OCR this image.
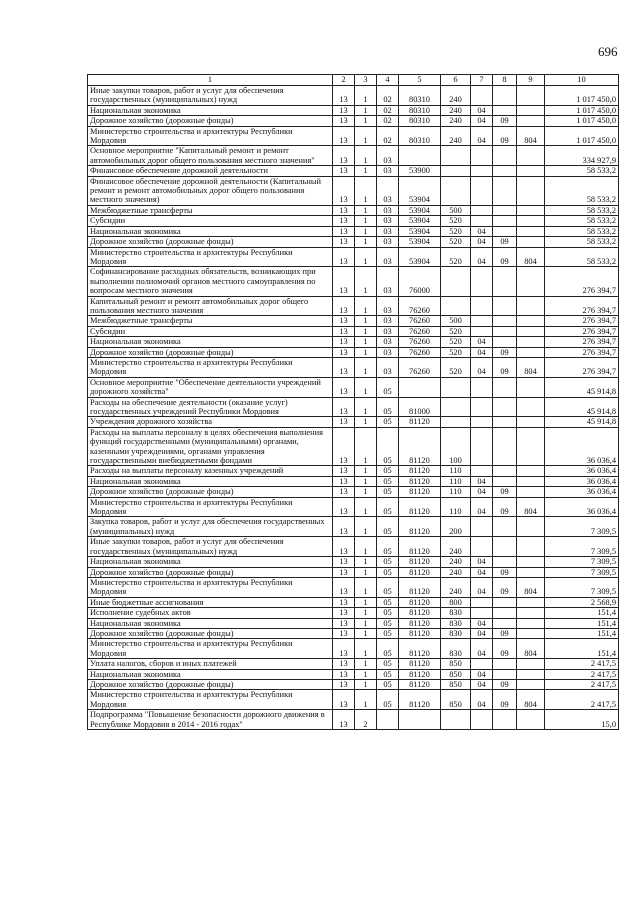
696
1	2	3	4	5	6	7	8	9	10
Иные закупки товаров, работ и услуг для обеспечения государственных (муниципальных) нужд	13	1	02	80310	240				1 017 450,0
Национальная экономика	13	1	02	80310	240	04			1 017 450,0
Дорожное хозяйство (дорожные фонды)	13	1	02	80310	240	04	09		1 017 450,0
Министерство строительства и архитектуры Республики Мордовия	13	1	02	80310	240	04	09	804	1 017 450,0
Основное мероприятие "Капитальный ремонт и ремонт автомобильных дорог общего пользования местного значения"	13	1	03						334 927,9
Финансовое обеспечение дорожной деятельности	13	1	03	53900					58 533,2
Финансовое обеспечение дорожной деятельности (Капитальный ремонт и ремонт автомобильных дорог общего пользования местного значения)	13	1	03	53904					58 533,2
Межбюджетные трансферты	13	1	03	53904	500				58 533,2
Субсидии	13	1	03	53904	520				58 533,2
Национальная экономика	13	1	03	53904	520	04			58 533,2
Дорожное хозяйство (дорожные фонды)	13	1	03	53904	520	04	09		58 533,2
Министерство строительства и архитектуры Республики Мордовия	13	1	03	53904	520	04	09	804	58 533,2
Софинансирование расходных обязательств, возникающих при выполнении полномочий органов местного самоуправления по вопросам местного значения	13	1	03	76000					276 394,7
Капитальный ремонт и ремонт автомобильных дорог общего пользования местного значения	13	1	03	76260					276 394,7
Межбюджетные трансферты	13	1	03	76260	500				276 394,7
Субсидии	13	1	03	76260	520				276 394,7
Национальная экономика	13	1	03	76260	520	04			276 394,7
Дорожное хозяйство (дорожные фонды)	13	1	03	76260	520	04	09		276 394,7
Министерство строительства и архитектуры Республики Мордовия	13	1	03	76260	520	04	09	804	276 394,7
Основное мероприятие "Обеспечение деятельности учреждений дорожного хозяйства"	13	1	05						45 914,8
Расходы на обеспечение деятельности (оказание услуг) государственных учреждений Республики Мордовия	13	1	05	81000					45 914,8
Учреждения дорожного хозяйства	13	1	05	81120					45 914,8
Расходы на выплаты персоналу в целях обеспечения выполнения функций государственными (муниципальными) органами, казенными учреждениями, органами управления государственными внебюджетными фондами	13	1	05	81120	100				36 036,4
Расходы на выплаты персоналу казенных учреждений	13	1	05	81120	110				36 036,4
Национальная экономика	13	1	05	81120	110	04			36 036,4
Дорожное хозяйство (дорожные фонды)	13	1	05	81120	110	04	09		36 036,4
Министерство строительства и архитектуры Республики Мордовия	13	1	05	81120	110	04	09	804	36 036,4
Закупка товаров, работ и услуг для обеспечения государственных (муниципальных) нужд	13	1	05	81120	200				7 309,5
Иные закупки товаров, работ и услуг для обеспечения государственных (муниципальных) нужд	13	1	05	81120	240				7 309,5
Национальная экономика	13	1	05	81120	240	04			7 309,5
Дорожное хозяйство (дорожные фонды)	13	1	05	81120	240	04	09		7 309,5
Министерство строительства и архитектуры Республики Мордовия	13	1	05	81120	240	04	09	804	7 309,5
Иные бюджетные ассигнования	13	1	05	81120	800				2 568,9
Исполнение судебных актов	13	1	05	81120	830				151,4
Национальная экономика	13	1	05	81120	830	04			151,4
Дорожное хозяйство (дорожные фонды)	13	1	05	81120	830	04	09		151,4
Министерство строительства и архитектуры Республики Мордовия	13	1	05	81120	830	04	09	804	151,4
Уплата налогов, сборов и иных платежей	13	1	05	81120	850				2 417,5
Национальная экономика	13	1	05	81120	850	04			2 417,5
Дорожное хозяйство (дорожные фонды)	13	1	05	81120	850	04	09		2 417,5
Министерство строительства и архитектуры Республики Мордовия	13	1	05	81120	850	04	09	804	2 417,5
Подпрограмма "Повышение безопасности дорожного движения в Республике Мордовия в 2014 - 2016 годах"	13	2							15,0
